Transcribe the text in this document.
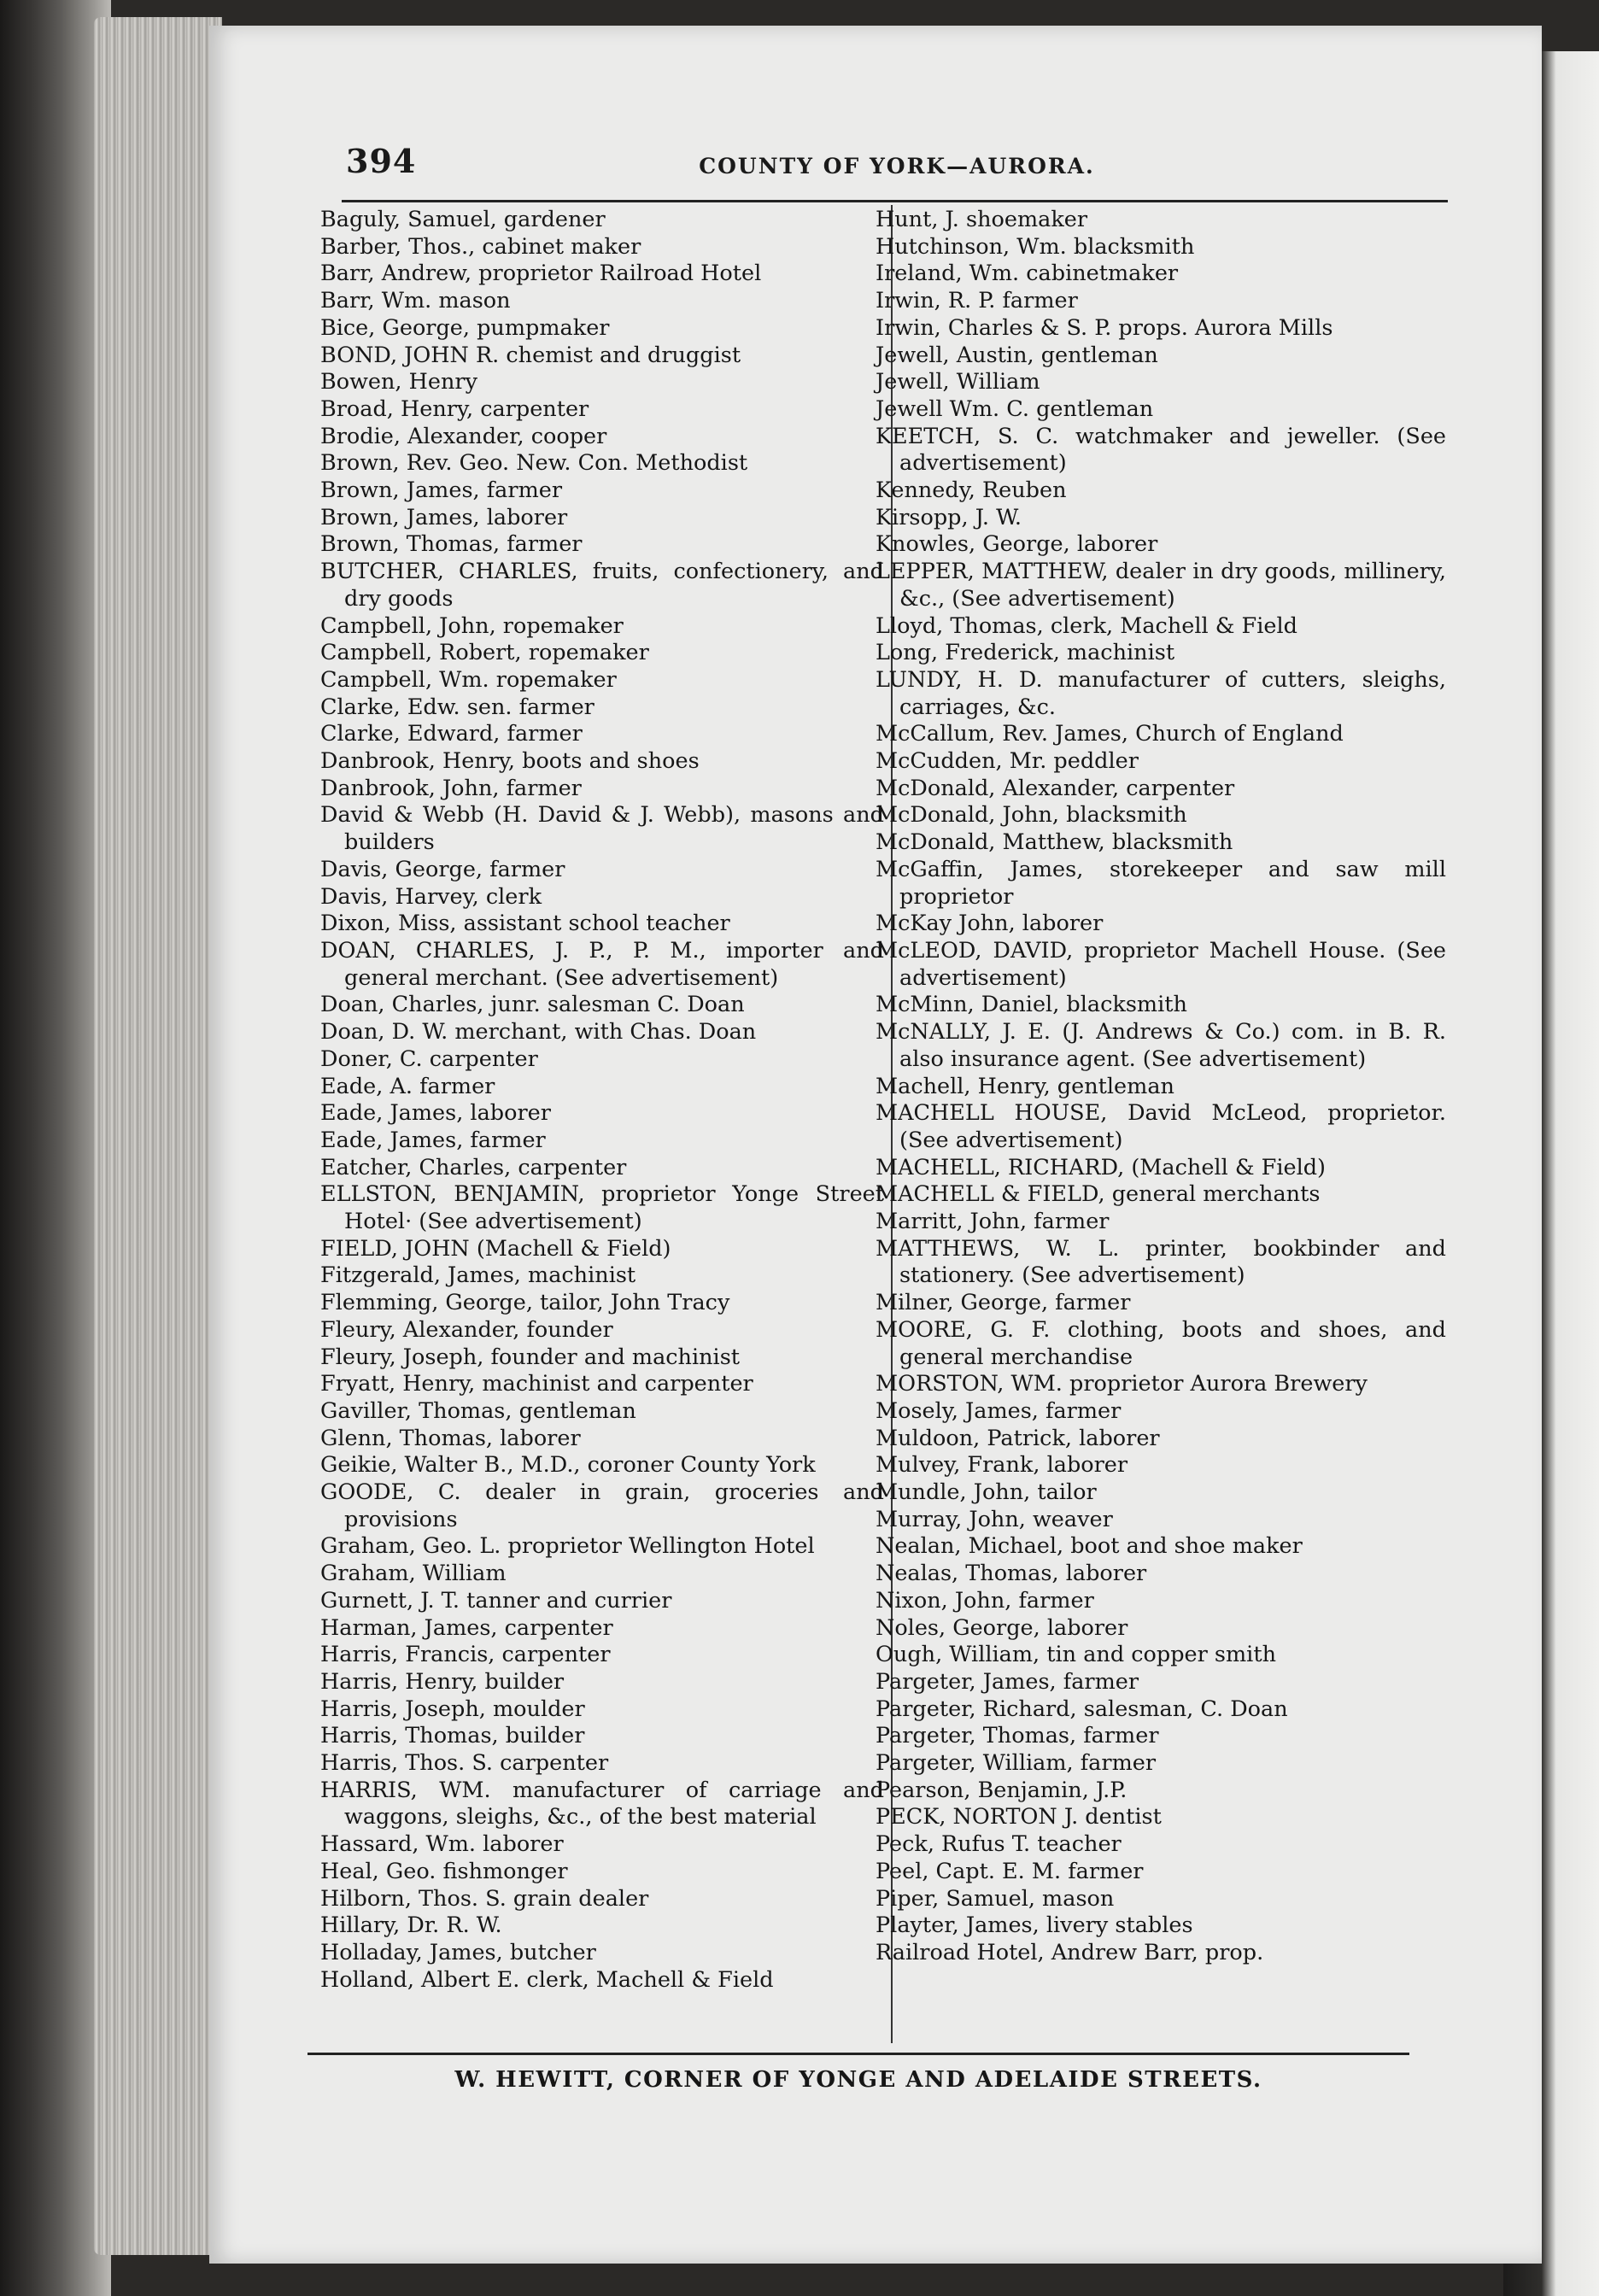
394	COUNTY OF YORK—AURORA.
Baguly, Samuel, gardener
Barber, Thos., cabinet maker
Barr, Andrew, proprietor Railroad Hotel
Barr, Wm. mason
Bice, George, pumpmaker
BOND, JOHN R. chemist and druggist
Bowen, Henry
Broad, Henry, carpenter
Brodie, Alexander, cooper
Brown, Rev. Geo. New. Con. Methodist
Brown, James, farmer
Brown, James, laborer
Brown, Thomas, farmer
BUTCHER, CHARLES, fruits, confectionery, and dry goods
Campbell, John, ropemaker
Campbell, Robert, ropemaker
Campbell, Wm. ropemaker
Clarke, Edw. sen. farmer
Clarke, Edward, farmer
Danbrook, Henry, boots and shoes
Danbrook, John, farmer
David & Webb (H. David & J. Webb), masons and builders
Davis, George, farmer
Davis, Harvey, clerk
Dixon, Miss, assistant school teacher
DOAN, CHARLES, J. P., P. M., importer and general merchant. (See advertisement)
Doan, Charles, junr. salesman C. Doan
Doan, D. W. merchant, with Chas. Doan
Doner, C. carpenter
Eade, A. farmer
Eade, James, laborer
Eade, James, farmer
Eatcher, Charles, carpenter
ELLSTON, BENJAMIN, proprietor Yonge Street Hotel· (See advertisement)
FIELD, JOHN (Machell & Field)
Fitzgerald, James, machinist
Flemming, George, tailor, John Tracy
Fleury, Alexander, founder
Fleury, Joseph, founder and machinist
Fryatt, Henry, machinist and carpenter
Gaviller, Thomas, gentleman
Glenn, Thomas, laborer
Geikie, Walter B., M.D., coroner County York
GOODE, C. dealer in grain, groceries and provisions
Graham, Geo. L. proprietor Wellington Hotel
Graham, William
Gurnett, J. T. tanner and currier
Harman, James, carpenter
Harris, Francis, carpenter
Harris, Henry, builder
Harris, Joseph, moulder
Harris, Thomas, builder
Harris, Thos. S. carpenter
HARRIS, WM. manufacturer of carriage and waggons, sleighs, &c., of the best material
Hassard, Wm. laborer
Heal, Geo. fishmonger
Hilborn, Thos. S. grain dealer
Hillary, Dr. R. W.
Holladay, James, butcher
Holland, Albert E. clerk, Machell & Field
Hunt, J. shoemaker
Hutchinson, Wm. blacksmith
Ireland, Wm. cabinetmaker
Irwin, R. P. farmer
Irwin, Charles & S. P. props. Aurora Mills
Jewell, Austin, gentleman
Jewell, William
Jewell Wm. C. gentleman
KEETCH, S. C. watchmaker and jeweller. (See advertisement)
Kennedy, Reuben
Kirsopp, J. W.
Knowles, George, laborer
LEPPER, MATTHEW, dealer in dry goods, millinery, &c., (See advertisement)
Lloyd, Thomas, clerk, Machell & Field
Long, Frederick, machinist
LUNDY, H. D. manufacturer of cutters, sleighs, carriages, &c.
McCallum, Rev. James, Church of England
McCudden, Mr. peddler
McDonald, Alexander, carpenter
McDonald, John, blacksmith
McDonald, Matthew, blacksmith
McGaffin, James, storekeeper and saw mill proprietor
McKay John, laborer
McLEOD, DAVID, proprietor Machell House. (See advertisement)
McMinn, Daniel, blacksmith
McNALLY, J. E. (J. Andrews & Co.) com. in B. R. also insurance agent. (See advertisement)
Machell, Henry, gentleman
MACHELL HOUSE, David McLeod, proprietor. (See advertisement)
MACHELL, RICHARD, (Machell & Field)
MACHELL & FIELD, general merchants
Marritt, John, farmer
MATTHEWS, W. L. printer, bookbinder and stationery. (See advertisement)
Milner, George, farmer
MOORE, G. F. clothing, boots and shoes, and general merchandise
MORSTON, WM. proprietor Aurora Brewery
Mosely, James, farmer
Muldoon, Patrick, laborer
Mulvey, Frank, laborer
Mundle, John, tailor
Murray, John, weaver
Nealan, Michael, boot and shoe maker
Nealas, Thomas, laborer
Nixon, John, farmer
Noles, George, laborer
Ough, William, tin and copper smith
Pargeter, James, farmer
Pargeter, Richard, salesman, C. Doan
Pargeter, Thomas, farmer
Pargeter, William, farmer
Pearson, Benjamin, J.P.
PECK, NORTON J. dentist
Peck, Rufus T. teacher
Peel, Capt. E. M. farmer
Piper, Samuel, mason
Playter, James, livery stables
Railroad Hotel, Andrew Barr, prop.
W. HEWITT, CORNER OF YONGE AND ADELAIDE STREETS.
